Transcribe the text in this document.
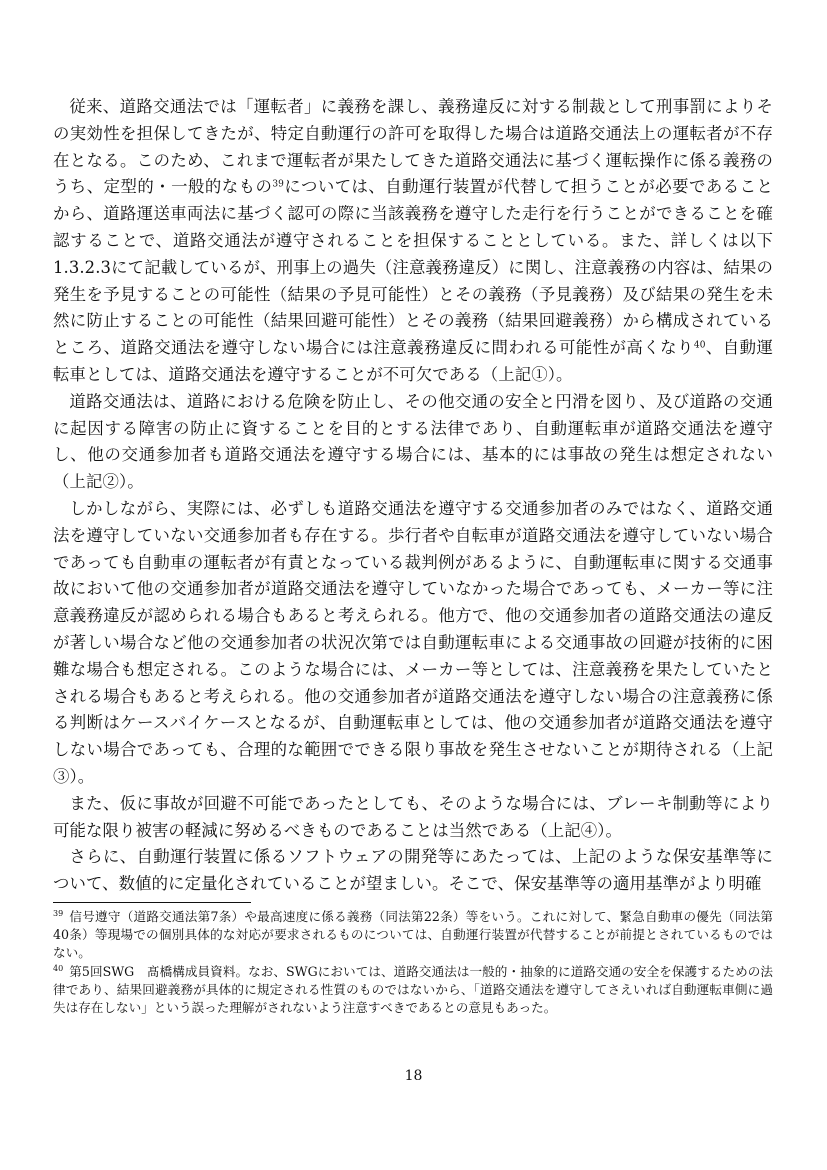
従来、道路交通法では「運転者」に義務を課し、義務違反に対する制裁として刑事罰によりその実効性を担保してきたが、特定自動運行の許可を取得した場合は道路交通法上の運転者が不存在となる。このため、これまで運転者が果たしてきた道路交通法に基づく運転操作に係る義務のうち、定型的・一般的なもの$^{39}$については、自動運行装置が代替して担うことが必要であることから、道路運送車両法に基づく認可の際に当該義務を遵守した走行を行うことができることを確認することで、道路交通法が遵守されることを担保することとしている。また、詳しくは以下1.3.2.3にて記載しているが、刑事上の過失（注意義務違反）に関し、注意義務の内容は、結果の発生を予見することの可能性（結果の予見可能性）とその義務（予見義務）及び結果の発生を未然に防止することの可能性（結果回避可能性）とその義務（結果回避義務）から構成されているところ、道路交通法を遵守しない場合には注意義務違反に問われる可能性が高くなり$^{40}$、自動運転車としては、道路交通法を遵守することが不可欠である（上記①）。

道路交通法は、道路における危険を防止し、その他交通の安全と円滑を図り、及び道路の交通に起因する障害の防止に資することを目的とする法律であり、自動運転車が道路交通法を遵守し、他の交通参加者も道路交通法を遵守する場合には、基本的には事故の発生は想定されない（上記②）。

しかしながら、実際には、必ずしも道路交通法を遵守する交通参加者のみではなく、道路交通法を遵守していない交通参加者も存在する。歩行者や自転車が道路交通法を遵守していない場合であっても自動車の運転者が有責となっている裁判例があるように、自動運転車に関する交通事故において他の交通参加者が道路交通法を遵守していなかった場合であっても、メーカー等に注意義務違反が認められる場合もあると考えられる。他方で、他の交通参加者の道路交通法の違反が著しい場合など他の交通参加者の状況次第では自動運転車による交通事故の回避が技術的に困難な場合も想定される。このような場合には、メーカー等としては、注意義務を果たしていたとされる場合もあると考えられる。他の交通参加者が道路交通法を遵守しない場合の注意義務に係る判断はケースバイケースとなるが、自動運転車としては、他の交通参加者が道路交通法を遵守しない場合であっても、合理的な範囲でできる限り事故を発生させないことが期待される（上記③）。

また、仮に事故が回避不可能であったとしても、そのような場合には、ブレーキ制動等により可能な限り被害の軽減に努めるべきものであることは当然である（上記④）。

さらに、自動運行装置に係るソフトウェアの開発等にあたっては、上記のような保安基準等について、数値的に定量化されていることが望ましい。そこで、保安基準等の適用基準がより明確

$^{39}$ 信号遵守（道路交通法第7条）や最高速度に係る義務（同法第22条）等をいう。これに対して、緊急自動車の優先（同法第40条）等現場での個別具体的な対応が要求されるものについては、自動運行装置が代替することが前提とされているものではない。

$^{40}$ 第5回SWG　髙橋構成員資料。なお、SWGにおいては、道路交通法は一般的・抽象的に道路交通の安全を保護するための法律であり、結果回避義務が具体的に規定される性質のものではないから、「道路交通法を遵守してさえいれば自動運転車側に過失は存在しない」という誤った理解がされないよう注意すべきであるとの意見もあった。

18
